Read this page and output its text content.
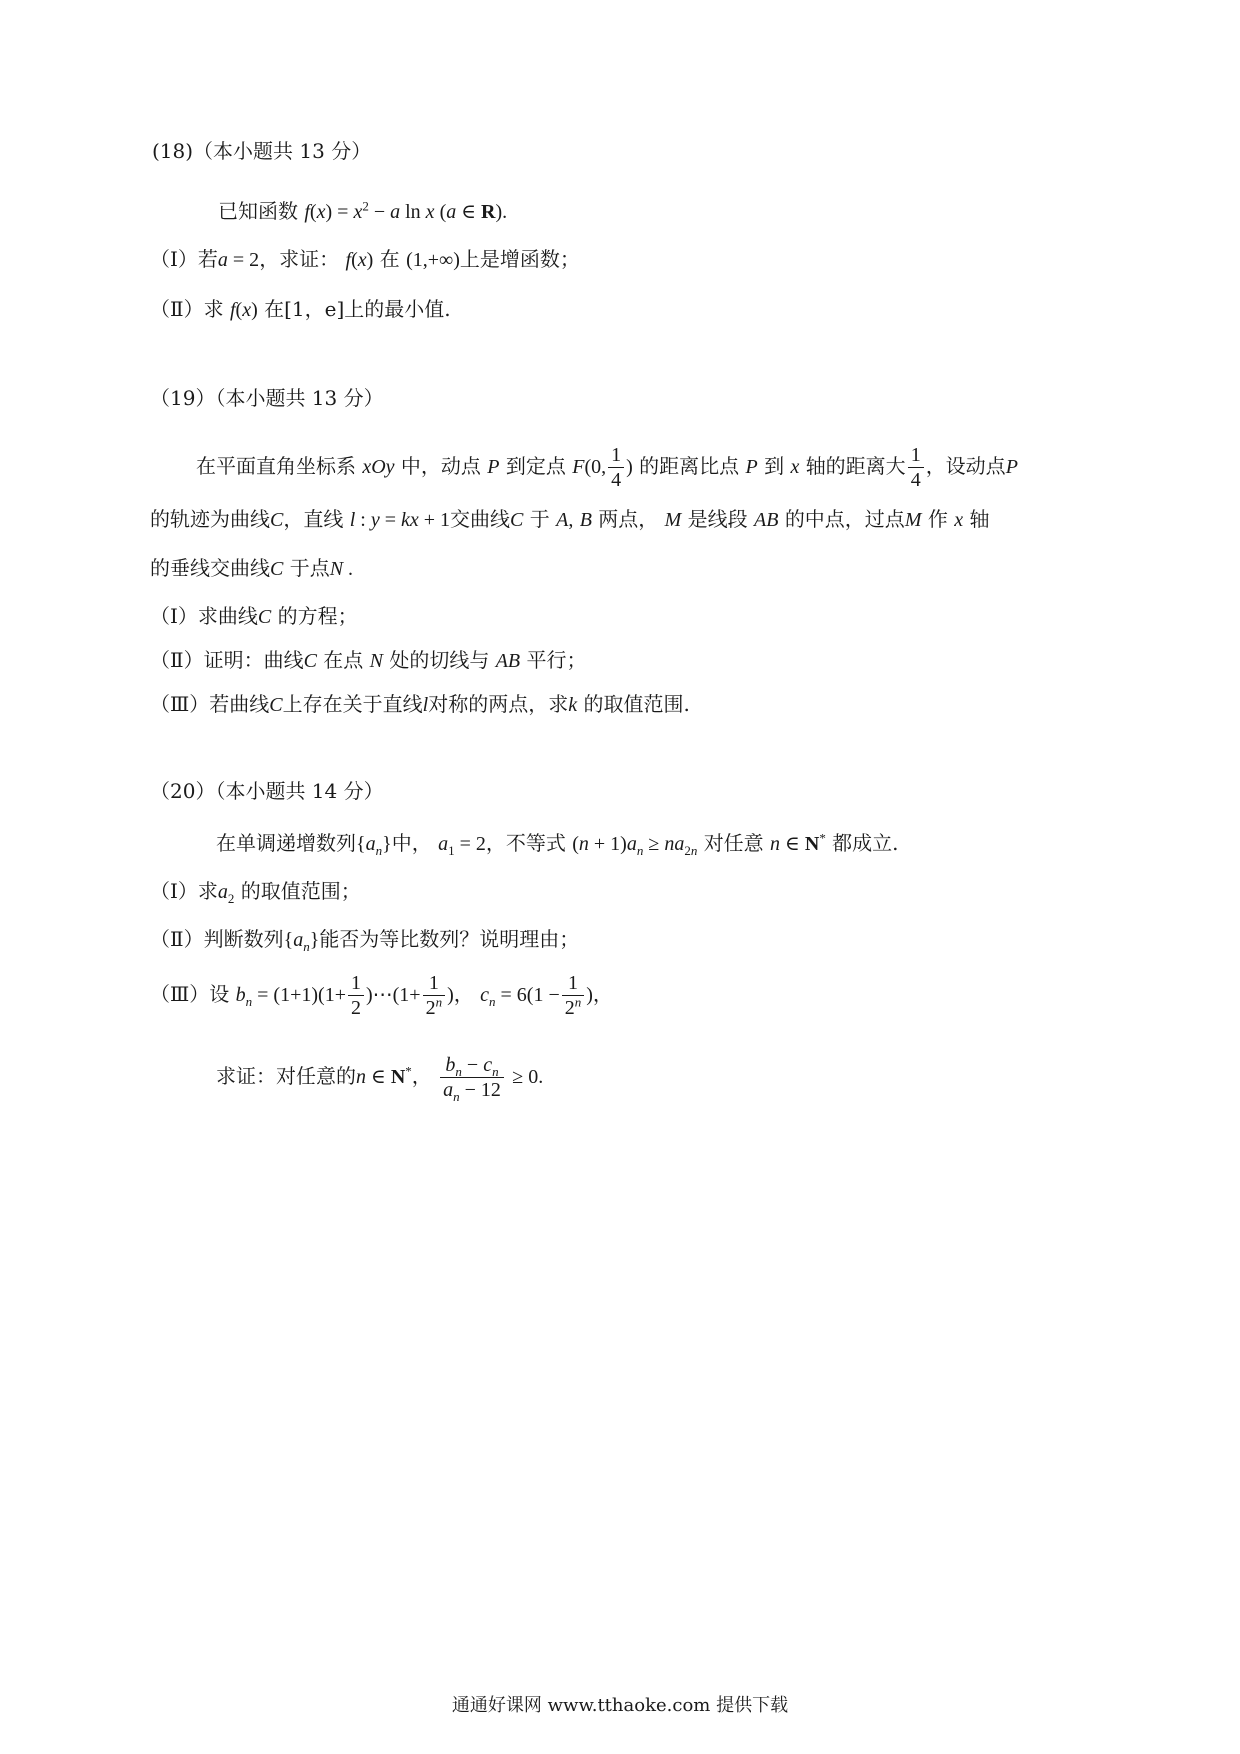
(18)（本小题共 13 分）
已知函数 $f(x) = x^2 - a$ ln x (a ∈ R).
（Ⅰ）若a = 2，求证： f(x) 在 (1,+∞)上是增函数；
（Ⅱ）求 f(x) 在[1，e]上的最小值.
（19）（本小题共 13 分）
在平面直角坐标系 xOy 中，动点 P 到定点 F(0, $\frac{1}{4}$ ) 的距离比点 P 到 x 轴的距离大 $\frac{1}{4}$ ，设动点P
的轨迹为曲线C，直线 l : y = kx + 1交曲线C 于 A, B 两点， M 是线段 AB 的中点，过点M 作 x 轴
的垂线交曲线C 于点N .
（Ⅰ）求曲线C 的方程；
（Ⅱ）证明：曲线C 在点 N 处的切线与 AB 平行；
（Ⅲ）若曲线C上存在关于直线l对称的两点，求k 的取值范围.
（20）（本小题共 14 分）
在单调递增数列$\{a_n\}$中， $a_1 = 2$，不等式 $(n + 1)a_n \ge na_{2n}$ 对任意 n ∈ N* 都成立.
（Ⅰ）求$a_2$ 的取值范围；
（Ⅱ）判断数列$\{a_n\}$能否为等比数列？说明理由；
（Ⅲ）设 $b_n = (1+1)(1+ \frac{1}{2}$ )⋯(1+ $\frac{1}{2^n}$ )， $c_n = 6(1 - \frac{1}{2^n}$ )，
求证：对任意的n ∈ N*， $\frac{b_n - c_n}{a_n - 12} \ge 0$.
通通好课网 www.tthaoke.com 提供下载
